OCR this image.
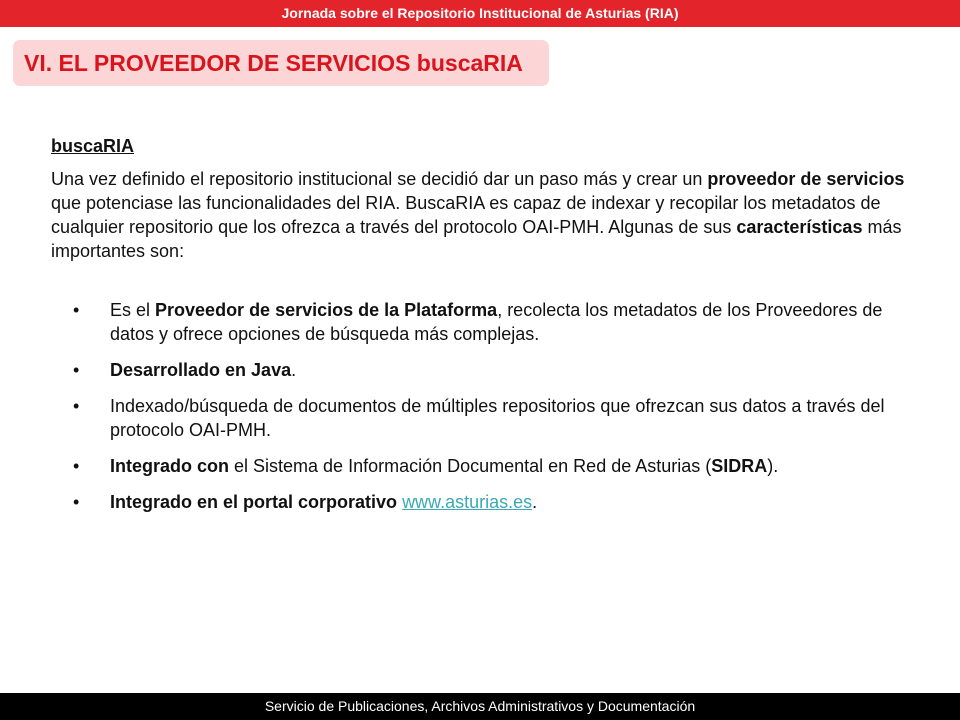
Jornada sobre el Repositorio Institucional de Asturias (RIA)
VI. EL PROVEEDOR DE SERVICIOS buscaRIA

buscaRIA

Una vez definido el repositorio institucional se decidió dar un paso más y crear un proveedor de servicios que potenciase las funcionalidades del RIA. BuscaRIA es capaz de indexar y recopilar los metadatos de cualquier repositorio que los ofrezca a través del protocolo OAI-PMH. Algunas de sus características más importantes son:

• Es el Proveedor de servicios de la Plataforma, recolecta los metadatos de los Proveedores de datos y ofrece opciones de búsqueda más complejas.
• Desarrollado en Java.
• Indexado/búsqueda de documentos de múltiples repositorios que ofrezcan sus datos a través del protocolo OAI-PMH.
• Integrado con el Sistema de Información Documental en Red de Asturias (SIDRA).
• Integrado en el portal corporativo www.asturias.es.
Servicio de Publicaciones, Archivos Administrativos y Documentación
